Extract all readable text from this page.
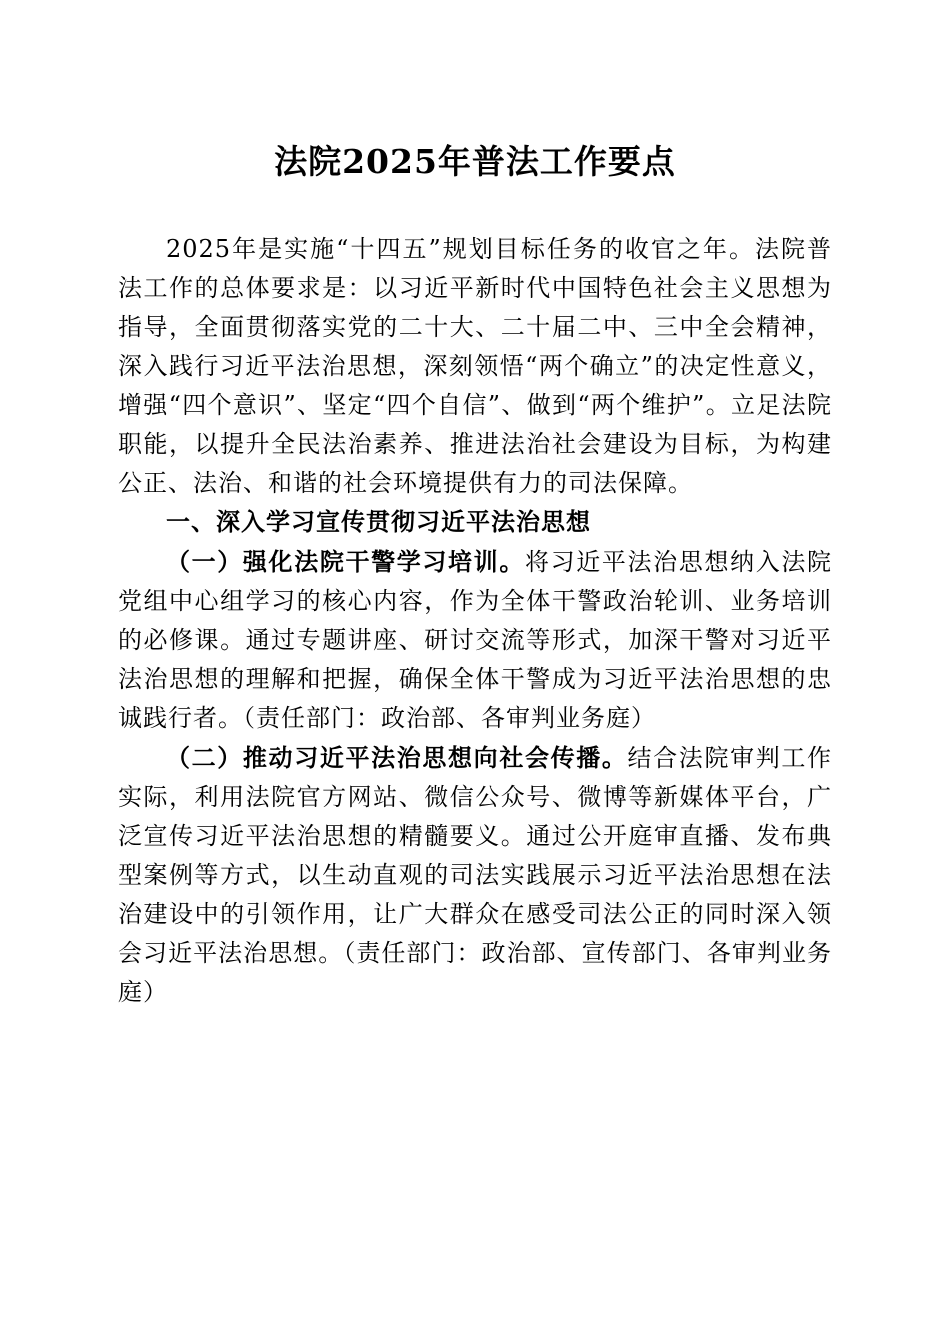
法院2025年普法工作要点

2025年是实施“十四五”规划目标任务的收官之年。法院普法工作的总体要求是：以习近平新时代中国特色社会主义思想为指导，全面贯彻落实党的二十大、二十届二中、三中全会精神，深入践行习近平法治思想，深刻领悟“两个确立”的决定性意义，增强“四个意识”、坚定“四个自信”、做到“两个维护”。立足法院职能，以提升全民法治素养、推进法治社会建设为目标，为构建公正、法治、和谐的社会环境提供有力的司法保障。

一、深入学习宣传贯彻习近平法治思想

（一）强化法院干警学习培训。将习近平法治思想纳入法院党组中心组学习的核心内容，作为全体干警政治轮训、业务培训的必修课。通过专题讲座、研讨交流等形式，加深干警对习近平法治思想的理解和把握，确保全体干警成为习近平法治思想的忠诚践行者。（责任部门：政治部、各审判业务庭）

（二）推动习近平法治思想向社会传播。结合法院审判工作实际，利用法院官方网站、微信公众号、微博等新媒体平台，广泛宣传习近平法治思想的精髓要义。通过公开庭审直播、发布典型案例等方式，以生动直观的司法实践展示习近平法治思想在法治建设中的引领作用，让广大群众在感受司法公正的同时深入领会习近平法治思想。（责任部门：政治部、宣传部门、各审判业务庭）
